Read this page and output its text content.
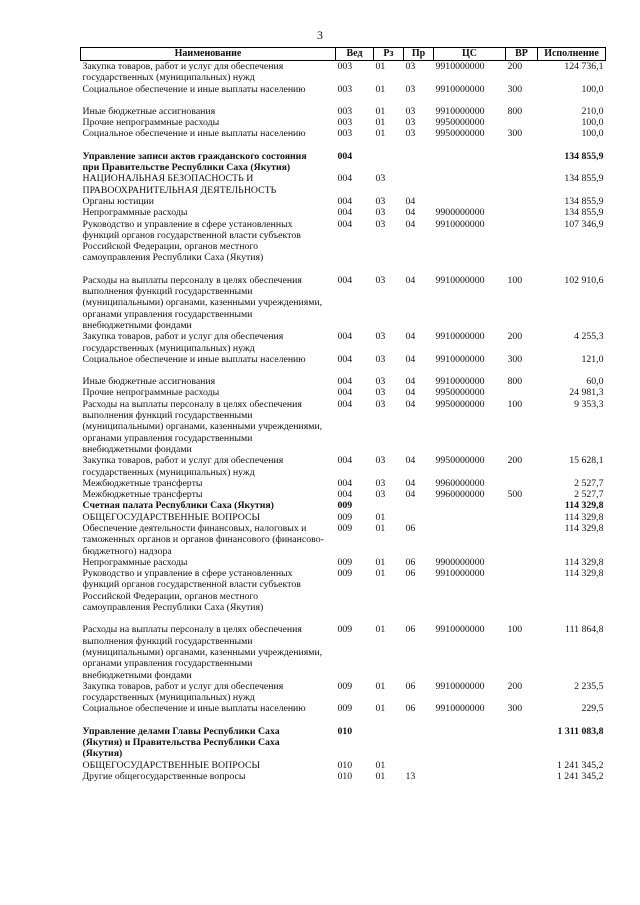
3
Наименование	Вед	Рз	Пр	ЦС	ВР	Исполнение
Закупка товаров, работ и услуг для обеспечения
государственных (муниципальных) нужд	003	01	03	9910000000	200	124 736,1
Социальное обеспечение и иные выплаты населению	003	01	03	9910000000	300	100,0
Иные бюджетные ассигнования	003	01	03	9910000000	800	210,0
Прочие непрограммные расходы	003	01	03	9950000000		100,0
Социальное обеспечение и иные выплаты населению	003	01	03	9950000000	300	100,0
Управление записи актов гражданского состояния
при Правительстве Республики Саха (Якутия)	004					134 855,9
НАЦИОНАЛЬНАЯ БЕЗОПАСНОСТЬ И
ПРАВООХРАНИТЕЛЬНАЯ ДЕЯТЕЛЬНОСТЬ	004	03				134 855,9
Органы юстиции	004	03	04			134 855,9
Непрограммные расходы	004	03	04	9900000000		134 855,9
Руководство и управление в сфере установленных
функций органов государственной власти субъектов
Российской Федерации, органов местного
самоуправления Республики Саха (Якутия)	004	03	04	9910000000		107 346,9
Расходы на выплаты персоналу в целях обеспечения
выполнения функций государственными
(муниципальными) органами, казенными учреждениями,
органами управления государственными
внебюджетными фондами	004	03	04	9910000000	100	102 910,6
Закупка товаров, работ и услуг для обеспечения
государственных (муниципальных) нужд	004	03	04	9910000000	200	4 255,3
Социальное обеспечение и иные выплаты населению	004	03	04	9910000000	300	121,0
Иные бюджетные ассигнования	004	03	04	9910000000	800	60,0
Прочие непрограммные расходы	004	03	04	9950000000		24 981,3
Расходы на выплаты персоналу в целях обеспечения
выполнения функций государственными
(муниципальными) органами, казенными учреждениями,
органами управления государственными
внебюджетными фондами	004	03	04	9950000000	100	9 353,3
Закупка товаров, работ и услуг для обеспечения
государственных (муниципальных) нужд	004	03	04	9950000000	200	15 628,1
Межбюджетные трансферты	004	03	04	9960000000		2 527,7
Межбюджетные трансферты	004	03	04	9960000000	500	2 527,7
Счетная палата Республики Саха (Якутия)	009					114 329,8
ОБЩЕГОСУДАРСТВЕННЫЕ ВОПРОСЫ	009	01				114 329,8
Обеспечение деятельности финансовых, налоговых и
таможенных органов и органов финансового (финансово-
бюджетного) надзора	009	01	06			114 329,8
Непрограммные расходы	009	01	06	9900000000		114 329,8
Руководство и управление в сфере установленных
функций органов государственной власти субъектов
Российской Федерации, органов местного
самоуправления Республики Саха (Якутия)	009	01	06	9910000000		114 329,8
Расходы на выплаты персоналу в целях обеспечения
выполнения функций государственными
(муниципальными) органами, казенными учреждениями,
органами управления государственными
внебюджетными фондами	009	01	06	9910000000	100	111 864,8
Закупка товаров, работ и услуг для обеспечения
государственных (муниципальных) нужд	009	01	06	9910000000	200	2 235,5
Социальное обеспечение и иные выплаты населению	009	01	06	9910000000	300	229,5
Управление делами Главы Республики Саха
(Якутия) и Правительства Республики Саха
(Якутия)	010					1 311 083,8
ОБЩЕГОСУДАРСТВЕННЫЕ ВОПРОСЫ	010	01				1 241 345,2
Другие общегосударственные вопросы	010	01	13			1 241 345,2
